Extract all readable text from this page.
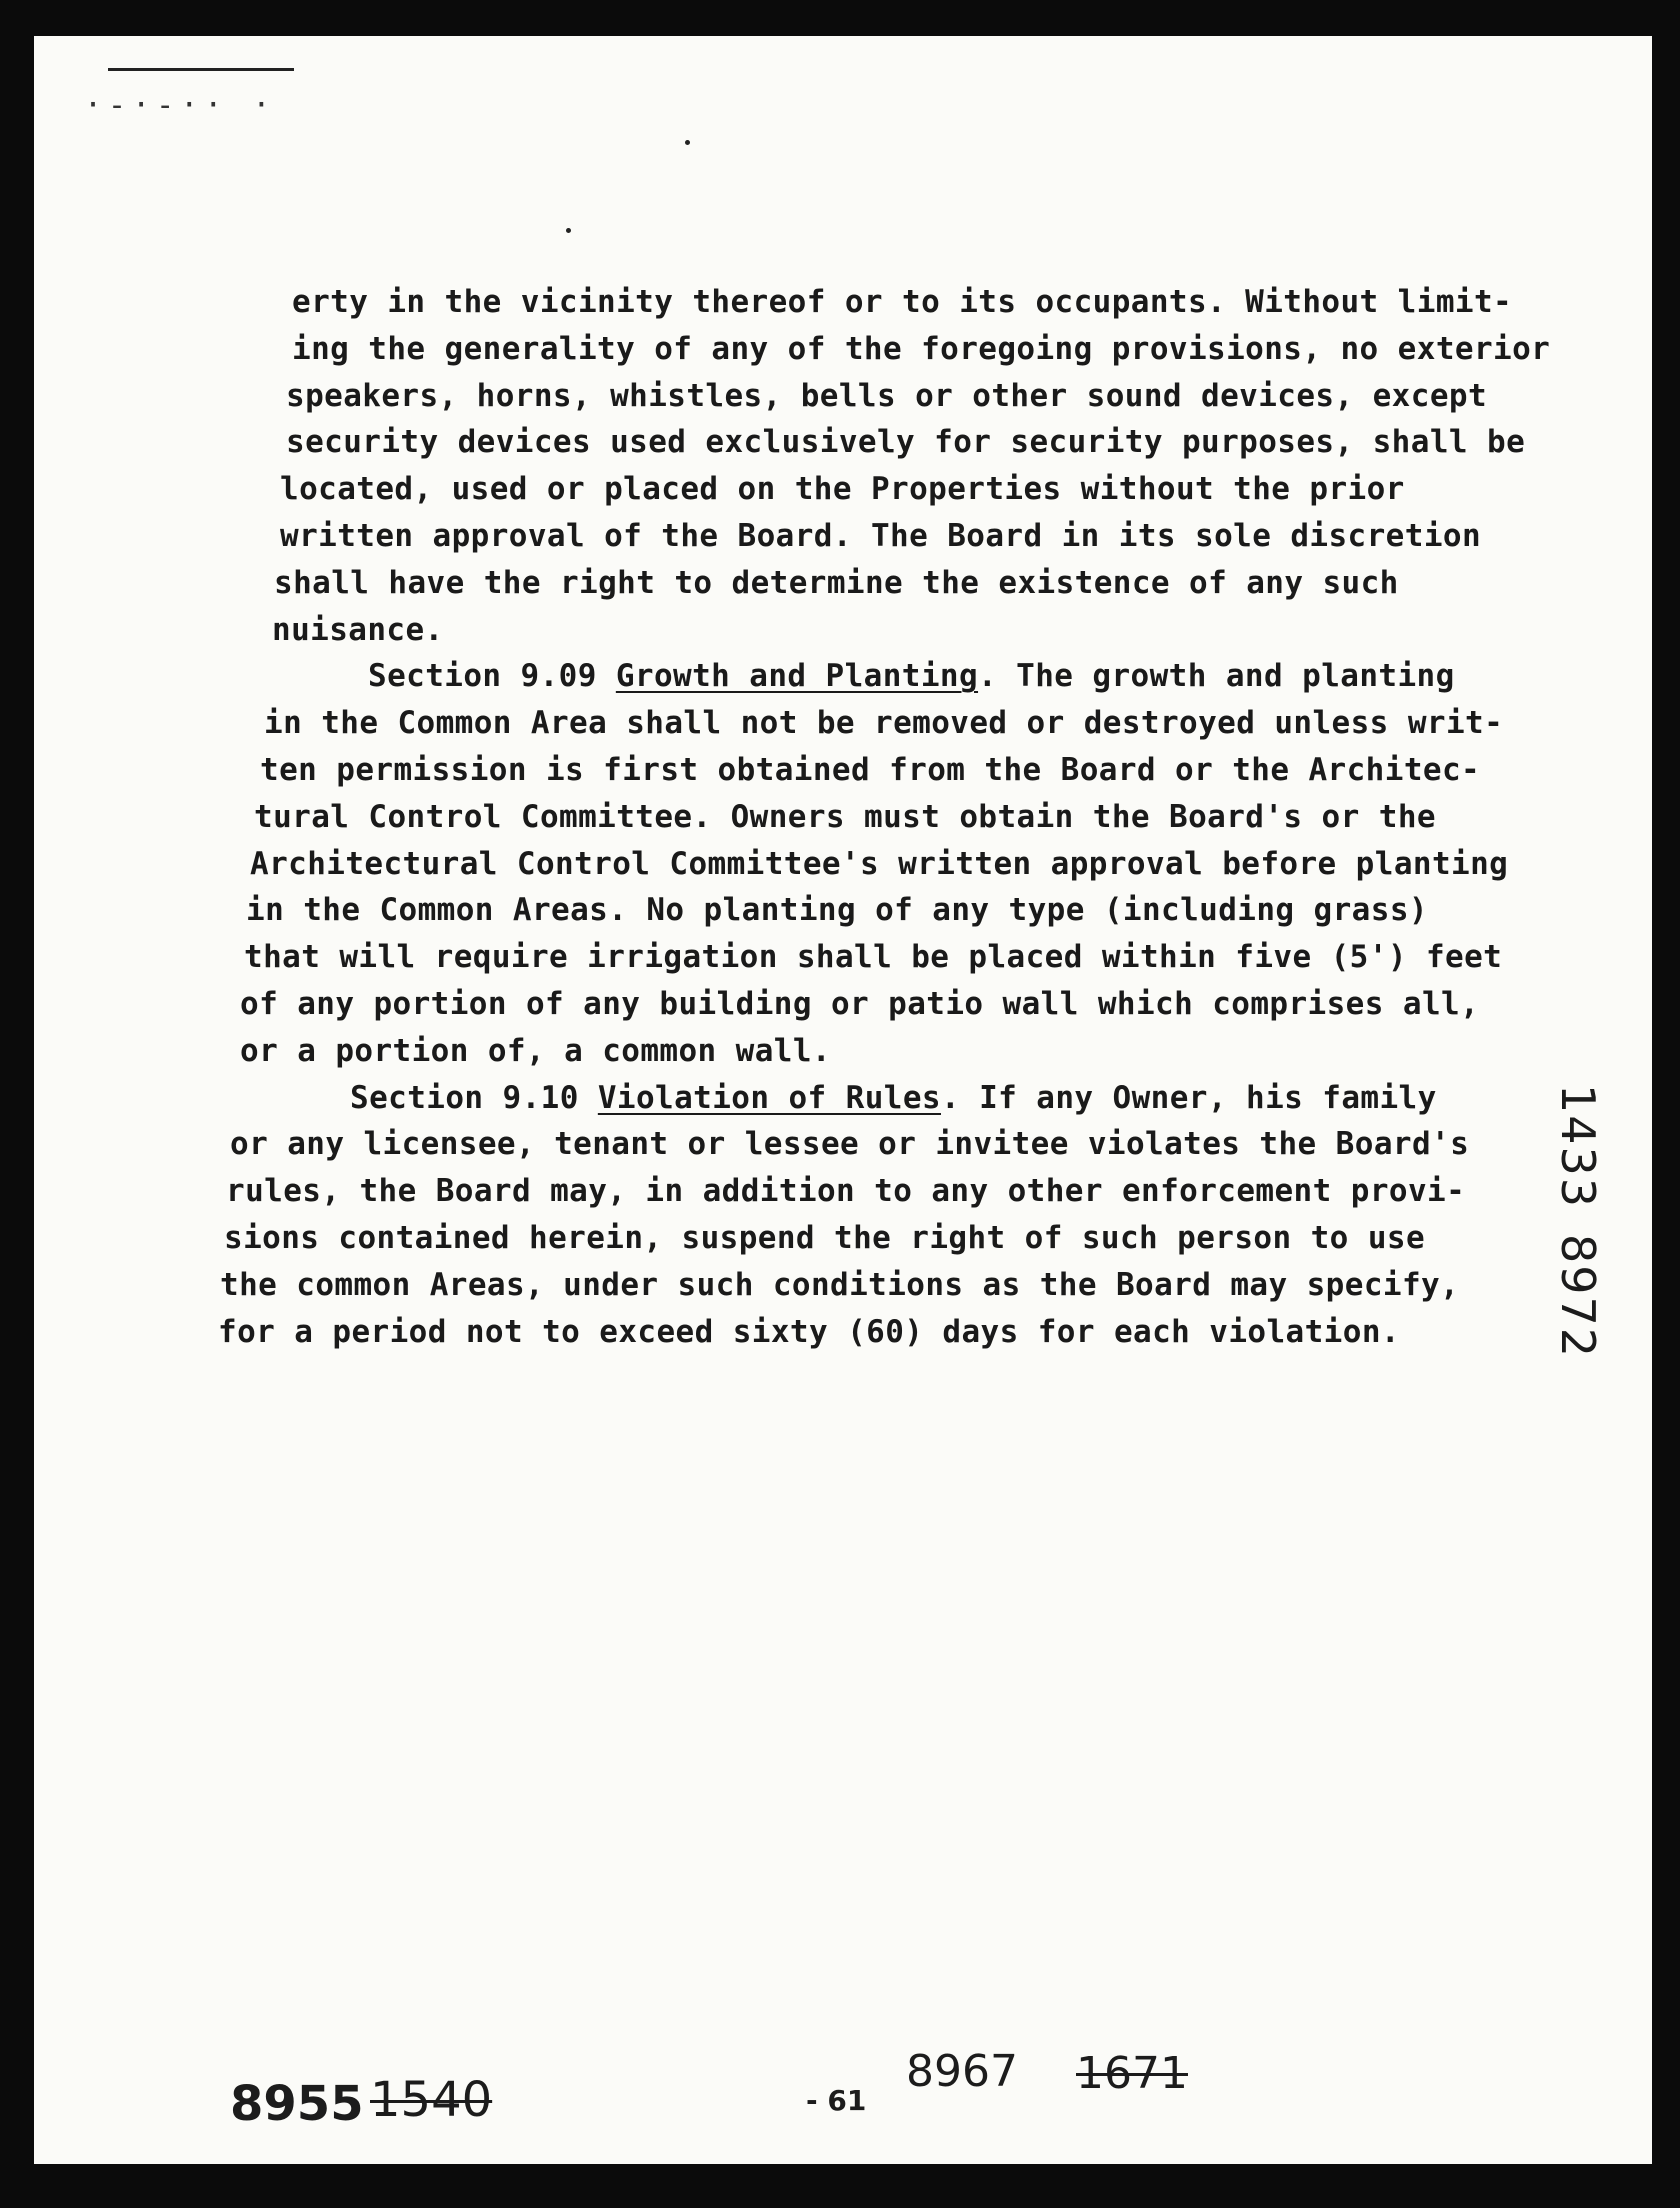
·-·-·· ·
erty in the vicinity thereof or to its occupants. Without limit-
ing the generality of any of the foregoing provisions, no exterior
speakers, horns, whistles, bells or other sound devices, except
security devices used exclusively for security purposes, shall be
located, used or placed on the Properties without the prior
written approval of the Board. The Board in its sole discretion
shall have the right to determine the existence of any such
nuisance.
Section 9.09 Growth and Planting. The growth and planting
in the Common Area shall not be removed or destroyed unless writ-
ten permission is first obtained from the Board or the Architec-
tural Control Committee. Owners must obtain the Board's or the
Architectural Control Committee's written approval before planting
in the Common Areas. No planting of any type (including grass)
that will require irrigation shall be placed within five (5') feet
of any portion of any building or patio wall which comprises all,
or a portion of, a common wall.
Section 9.10 Violation of Rules. If any Owner, his family
or any licensee, tenant or lessee or invitee violates the Board's
rules, the Board may, in addition to any other enforcement provi-
sions contained herein, suspend the right of such person to use
the common Areas, under such conditions as the Board may specify,
for a period not to exceed sixty (60) days for each violation.
1433
8972
8955 1540	- 61
8967	1671
